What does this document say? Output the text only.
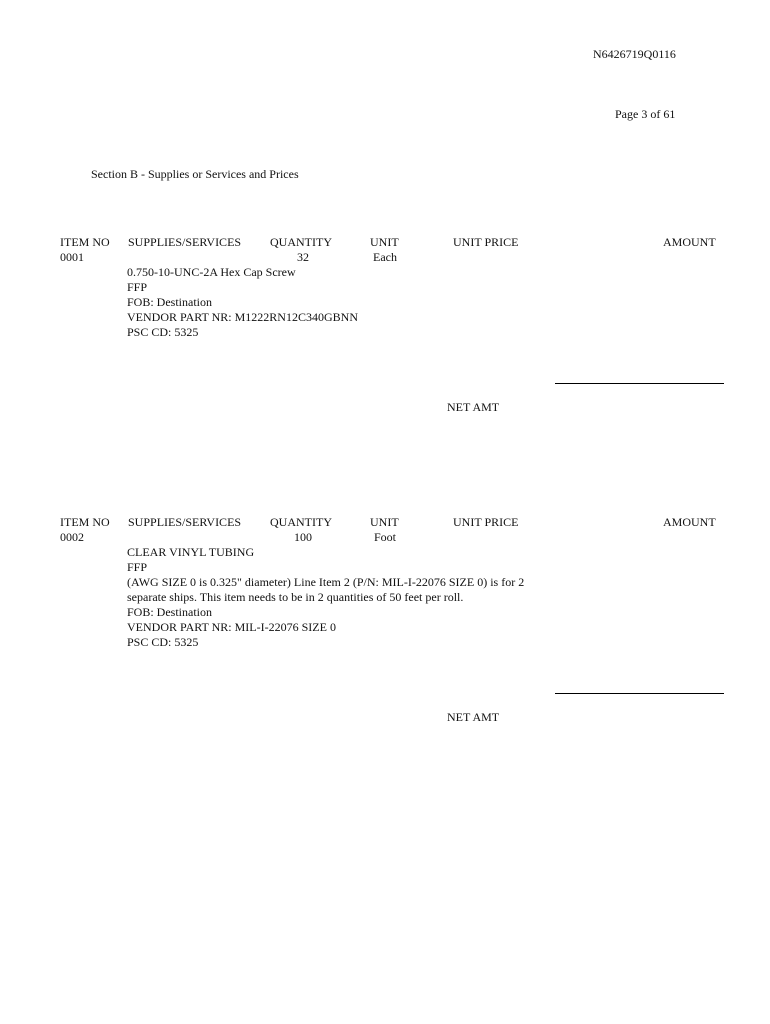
N6426719Q0116
Page 3 of 61
Section B - Supplies or Services and Prices
ITEM NO SUPPLIES/SERVICES QUANTITY	UNIT	UNIT PRICE	AMOUNT
0001	32	Each
0.750-10-UNC-2A Hex Cap Screw
FFP
FOB: Destination
VENDOR PART NR: M1222RN12C340GBNN
PSC CD: 5325
NET AMT
ITEM NO SUPPLIES/SERVICES QUANTITY	UNIT	UNIT PRICE	AMOUNT
0002	100	Foot
CLEAR VINYL TUBING
FFP
(AWG SIZE 0 is 0.325" diameter) Line Item 2 (P/N: MIL-I-22076 SIZE 0) is for 2
separate ships. This item needs to be in 2 quantities of 50 feet per roll.
FOB: Destination
VENDOR PART NR: MIL-I-22076 SIZE 0
PSC CD: 5325
NET AMT
